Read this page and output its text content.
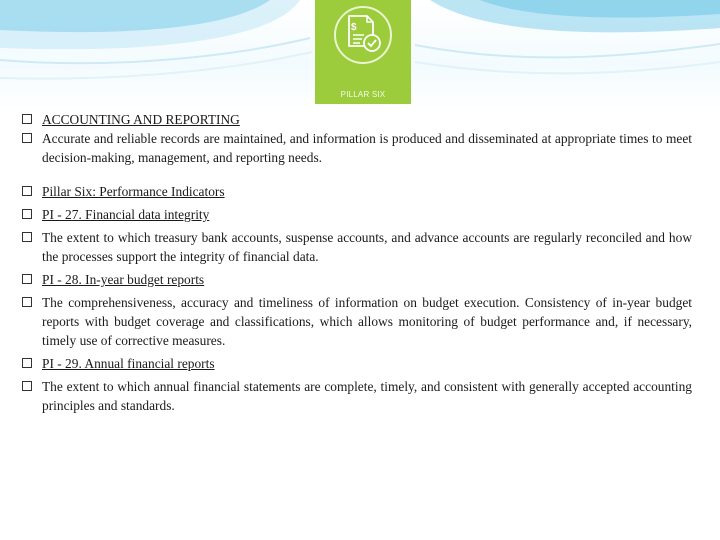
$
PILLAR SIX
ACCOUNTING AND REPORTING
Accurate and reliable records are maintained, and information is produced and disseminated at appropriate times to meet decision-making, management, and reporting needs.
Pillar Six: Performance Indicators
PI - 27. Financial data integrity
The extent to which treasury bank accounts, suspense accounts, and advance accounts are regularly reconciled and how the processes support the integrity of financial data.
PI - 28. In-year budget reports
The comprehensiveness, accuracy and timeliness of information on budget execution. Consistency of in-year budget reports with budget coverage and classifications, which allows monitoring of budget performance and, if necessary, timely use of corrective measures.
PI - 29. Annual financial reports
The extent to which annual financial statements are complete, timely, and consistent with generally accepted accounting principles and standards.
